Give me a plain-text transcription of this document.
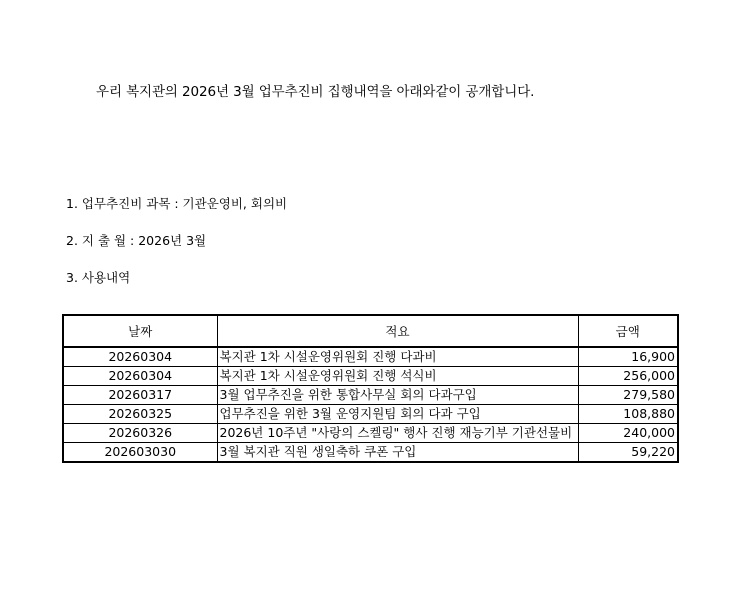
우리 복지관의 2026년 3월 업무추진비 집행내역을 아래와같이 공개합니다.
1. 업무추진비 과목 : 기관운영비, 회의비
2. 지 출 월 : 2026년 3월
3. 사용내역
날짜	적요	금액
20260304	복지관 1차 시설운영위원회 진행 다과비	16,900
20260304	복지관 1차 시설운영위원회 진행 석식비	256,000
20260317	3월 업무추진을 위한 통합사무실 회의 다과구입	279,580
20260325	업무추진을 위한 3월 운영지원팀 회의 다과 구입	108,880
20260326	2026년 10주년 "사랑의 스켈링" 행사 진행 재능기부 기관선물비	240,000
202603030	3월 복지관 직원 생일축하 쿠폰 구입	59,220
